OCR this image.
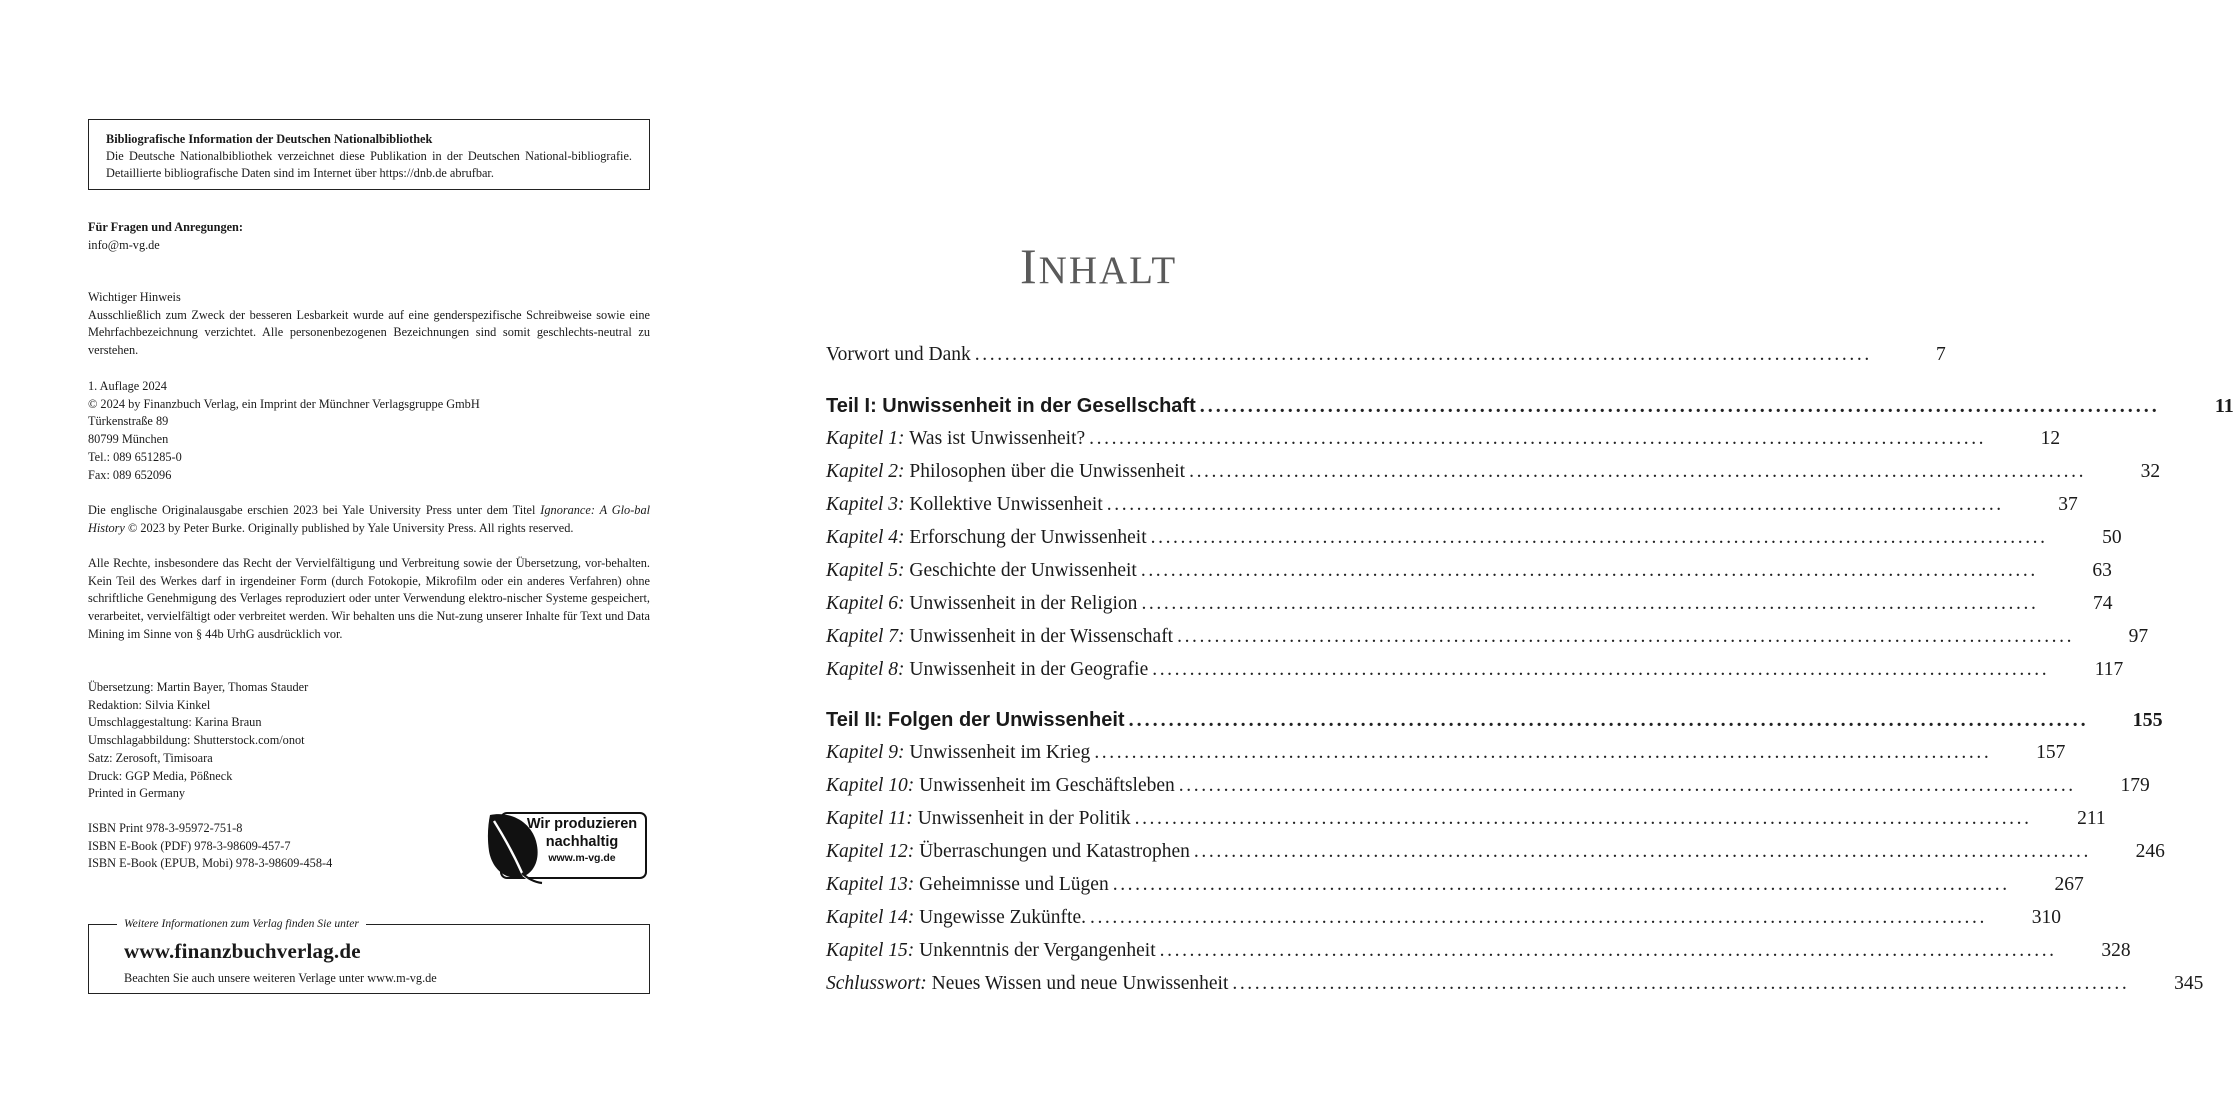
Bibliografische Information der Deutschen Nationalbibliothek
Die Deutsche Nationalbibliothek verzeichnet diese Publikation in der Deutschen National-bibliografie. Detaillierte bibliografische Daten sind im Internet über https://dnb.de abrufbar.
Für Fragen und Anregungen:
info@m-vg.de
Wichtiger Hinweis
Ausschließlich zum Zweck der besseren Lesbarkeit wurde auf eine genderspezifische Schreibweise sowie eine Mehrfachbezeichnung verzichtet. Alle personenbezogenen Bezeichnungen sind somit geschlechts-neutral zu verstehen.
1. Auflage 2024
© 2024 by Finanzbuch Verlag, ein Imprint der Münchner Verlagsgruppe GmbH
Türkenstraße 89
80799 München
Tel.: 089 651285-0
Fax: 089 652096
Die englische Originalausgabe erschien 2023 bei Yale University Press unter dem Titel Ignorance: A Glo-bal History © 2023 by Peter Burke. Originally published by Yale University Press. All rights reserved.
Alle Rechte, insbesondere das Recht der Vervielfältigung und Verbreitung sowie der Übersetzung, vor-behalten. Kein Teil des Werkes darf in irgendeiner Form (durch Fotokopie, Mikrofilm oder ein anderes Verfahren) ohne schriftliche Genehmigung des Verlages reproduziert oder unter Verwendung elektro-nischer Systeme gespeichert, verarbeitet, vervielfältigt oder verbreitet werden. Wir behalten uns die Nut-zung unserer Inhalte für Text und Data Mining im Sinne von § 44b UrhG ausdrücklich vor.
Übersetzung: Martin Bayer, Thomas Stauder
Redaktion: Silvia Kinkel
Umschlaggestaltung: Karina Braun
Umschlagabbildung: Shutterstock.com/onot
Satz: Zerosoft, Timisoara
Druck: GGP Media, Pößneck
Printed in Germany
ISBN Print 978-3-95972-751-8
ISBN E-Book (PDF) 978-3-98609-457-7
ISBN E-Book (EPUB, Mobi) 978-3-98609-458-4
Wir produzieren
nachhaltig
www.m-vg.de
Weitere Informationen zum Verlag finden Sie unter
www.finanzbuchverlag.de
Beachten Sie auch unsere weiteren Verlage unter www.m-vg.de
INHALT
Vorwort und Dank ........................................................................................................................	7
Teil I: Unwissenheit in der Gesellschaft ........................................................................................................................	11
Kapitel 1: Was ist Unwissenheit? ........................................................................................................................	12
Kapitel 2: Philosophen über die Unwissenheit ........................................................................................................................	32
Kapitel 3: Kollektive Unwissenheit ........................................................................................................................	37
Kapitel 4: Erforschung der Unwissenheit ........................................................................................................................	50
Kapitel 5: Geschichte der Unwissenheit ........................................................................................................................	63
Kapitel 6: Unwissenheit in der Religion ........................................................................................................................	74
Kapitel 7: Unwissenheit in der Wissenschaft ........................................................................................................................	97
Kapitel 8: Unwissenheit in der Geografie ........................................................................................................................	117
Teil II: Folgen der Unwissenheit ........................................................................................................................	155
Kapitel 9: Unwissenheit im Krieg ........................................................................................................................	157
Kapitel 10: Unwissenheit im Geschäftsleben ........................................................................................................................	179
Kapitel 11: Unwissenheit in der Politik ........................................................................................................................	211
Kapitel 12: Überraschungen und Katastrophen ........................................................................................................................	246
Kapitel 13: Geheimnisse und Lügen ........................................................................................................................	267
Kapitel 14: Ungewisse Zukünfte. ........................................................................................................................	310
Kapitel 15: Unkenntnis der Vergangenheit ........................................................................................................................	328
Schlusswort: Neues Wissen und neue Unwissenheit ........................................................................................................................	345
